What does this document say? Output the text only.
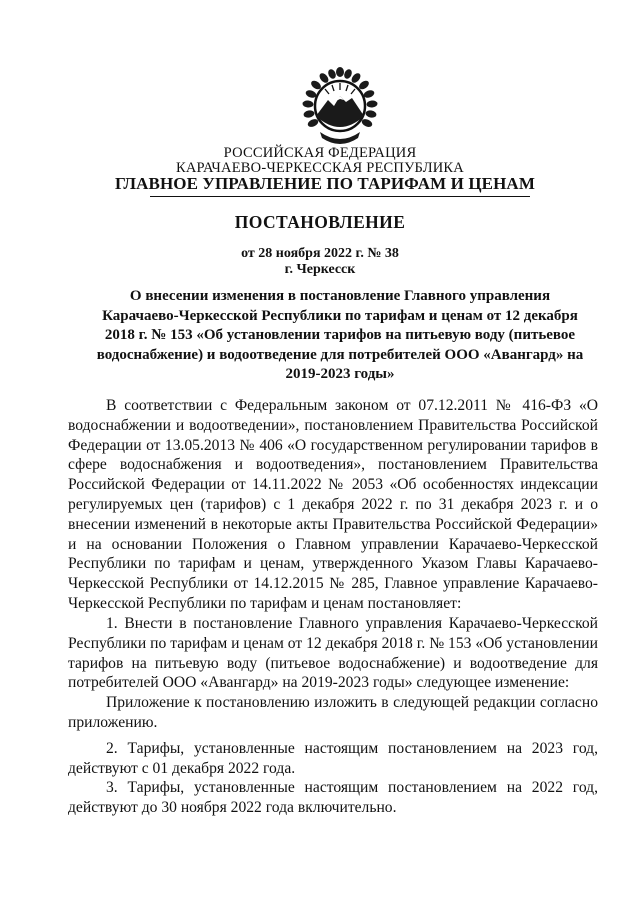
РОССИЙСКАЯ ФЕДЕРАЦИЯ
КАРАЧАЕВО-ЧЕРКЕССКАЯ РЕСПУБЛИКА
ГЛАВНОЕ УПРАВЛЕНИЕ ПО ТАРИФАМ И ЦЕНАМ
ПОСТАНОВЛЕНИЕ
от 28 ноября 2022 г. № 38
г. Черкесск
О внесении изменения в постановление Главного управления Карачаево-Черкесской Республики по тарифам и ценам от 12 декабря 2018 г. № 153 «Об установлении тарифов на питьевую воду (питьевое водоснабжение) и водоотведение для потребителей ООО «Авангард» на 2019-2023 годы»

В соответствии с Федеральным законом от 07.12.2011 № 416-ФЗ «О водоснабжении и водоотведении», постановлением Правительства Российской Федерации от 13.05.2013 № 406 «О государственном регулировании тарифов в сфере водоснабжения и водоотведения», постановлением Правительства Российской Федерации от 14.11.2022 № 2053 «Об особенностях индексации регулируемых цен (тарифов) с 1 декабря 2022 г. по 31 декабря 2023 г. и о внесении изменений в некоторые акты Правительства Российской Федерации» и на основании Положения о Главном управлении Карачаево-Черкесской Республики по тарифам и ценам, утвержденного Указом Главы Карачаево-Черкесской Республики от 14.12.2015 № 285, Главное управление Карачаево-Черкесской Республики по тарифам и ценам постановляет:

1. Внести в постановление Главного управления Карачаево-Черкесской Республики по тарифам и ценам от 12 декабря 2018 г. № 153 «Об установлении тарифов на питьевую воду (питьевое водоснабжение) и водоотведение для потребителей ООО «Авангард» на 2019-2023 годы» следующее изменение:

Приложение к постановлению изложить в следующей редакции согласно приложению.

2. Тарифы, установленные настоящим постановлением на 2023 год, действуют с 01 декабря 2022 года.

3. Тарифы, установленные настоящим постановлением на 2022 год, действуют до 30 ноября 2022 года включительно.
